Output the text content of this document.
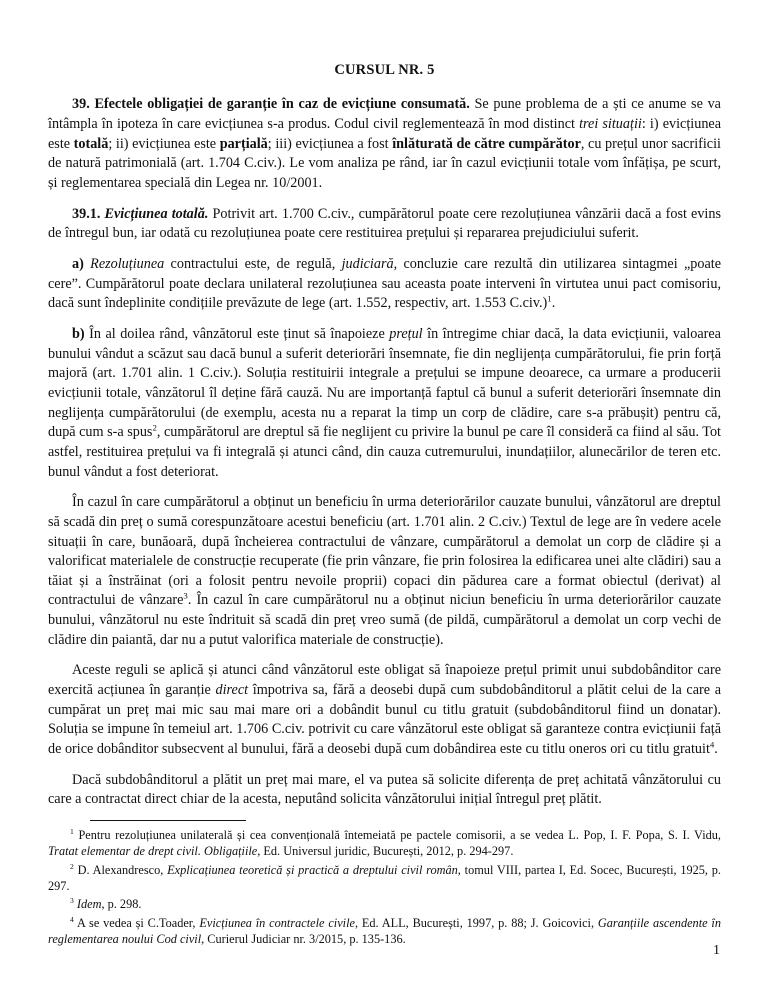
CURSUL NR. 5

39. Efectele obligației de garanție în caz de evicțiune consumată. Se pune problema de a ști ce anume se va întâmpla în ipoteza în care evicțiunea s-a produs. Codul civil reglementează în mod distinct trei situații: i) evicțiunea este totală; ii) evicțiunea este parțială; iii) evicțiunea a fost înlăturată de către cumpărător, cu prețul unor sacrificii de natură patrimonială (art. 1.704 C.civ.). Le vom analiza pe rând, iar în cazul evicțiunii totale vom înfățișa, pe scurt, și reglementarea specială din Legea nr. 10/2001.

39.1. Evicțiunea totală. Potrivit art. 1.700 C.civ., cumpărătorul poate cere rezoluțiunea vânzării dacă a fost evins de întregul bun, iar odată cu rezoluțiunea poate cere restituirea prețului și repararea prejudiciului suferit.

a) Rezoluțiunea contractului este, de regulă, judiciară, concluzie care rezultă din utilizarea sintagmei „poate cere”. Cumpărătorul poate declara unilateral rezoluțiunea sau aceasta poate interveni în virtutea unui pact comisoriu, dacă sunt îndeplinite condițiile prevăzute de lege (art. 1.552, respectiv, art. 1.553 C.civ.)$^1$.

b) În al doilea rând, vânzătorul este ținut să înapoieze prețul în întregime chiar dacă, la data evicțiunii, valoarea bunului vândut a scăzut sau dacă bunul a suferit deteriorări însemnate, fie din neglijența cumpărătorului, fie prin forță majoră (art. 1.701 alin. 1 C.civ.). Soluția restituirii integrale a prețului se impune deoarece, ca urmare a producerii evicțiunii totale, vânzătorul îl deține fără cauză. Nu are importanță faptul că bunul a suferit deteriorări însemnate din neglijența cumpărătorului (de exemplu, acesta nu a reparat la timp un corp de clădire, care s-a prăbușit) pentru că, după cum s-a spus$^2$, cumpărătorul are dreptul să fie neglijent cu privire la bunul pe care îl consideră ca fiind al său. Tot astfel, restituirea prețului va fi integrală și atunci când, din cauza cutremurului, inundațiilor, alunecărilor de teren etc. bunul vândut a fost deteriorat.

În cazul în care cumpărătorul a obținut un beneficiu în urma deteriorărilor cauzate bunului, vânzătorul are dreptul să scadă din preț o sumă corespunzătoare acestui beneficiu (art. 1.701 alin. 2 C.civ.) Textul de lege are în vedere acele situații în care, bunăoară, după încheierea contractului de vânzare, cumpărătorul a demolat un corp de clădire și a valorificat materialele de construcție recuperate (fie prin vânzare, fie prin folosirea la edificarea unei alte clădiri) sau a tăiat și a înstrăinat (ori a folosit pentru nevoile proprii) copaci din pădurea care a format obiectul (derivat) al contractului de vânzare$^3$. În cazul în care cumpărătorul nu a obținut niciun beneficiu în urma deteriorărilor cauzate bunului, vânzătorul nu este îndrituit să scadă din preț vreo sumă (de pildă, cumpărătorul a demolat un corp vechi de clădire din paiantă, dar nu a putut valorifica materiale de construcție).

Aceste reguli se aplică și atunci când vânzătorul este obligat să înapoieze prețul primit unui subdobânditor care exercită acțiunea în garanție direct împotriva sa, fără a deosebi după cum subdobânditorul a plătit celui de la care a cumpărat un preț mai mic sau mai mare ori a dobândit bunul cu titlu gratuit (subdobânditorul fiind un donatar). Soluția se impune în temeiul art. 1.706 C.civ. potrivit cu care vânzătorul este obligat să garanteze contra evicțiunii față de orice dobânditor subsecvent al bunului, fără a deosebi după cum dobândirea este cu titlu oneros ori cu titlu gratuit$^4$.

Dacă subdobânditorul a plătit un preț mai mare, el va putea să solicite diferența de preț achitată vânzătorului cu care a contractat direct chiar de la acesta, neputând solicita vânzătorului inițial întregul preț plătit.

$^1$ Pentru rezoluțiunea unilaterală și cea convențională întemeiată pe pactele comisorii, a se vedea L. Pop, I. F. Popa, S. I. Vidu, Tratat elementar de drept civil. Obligațiile, Ed. Universul juridic, București, 2012, p. 294-297.

$^2$ D. Alexandresco, Explicațiunea teoretică și practică a dreptului civil român, tomul VIII, partea I, Ed. Socec, București, 1925, p. 297.

$^3$ Idem, p. 298.

$^4$ A se vedea și C.Toader, Evicțiunea în contractele civile, Ed. ALL, București, 1997, p. 88; J. Goicovici, Garanțiile ascendente în reglementarea noului Cod civil, Curierul Judiciar nr. 3/2015, p. 135-136.

1
